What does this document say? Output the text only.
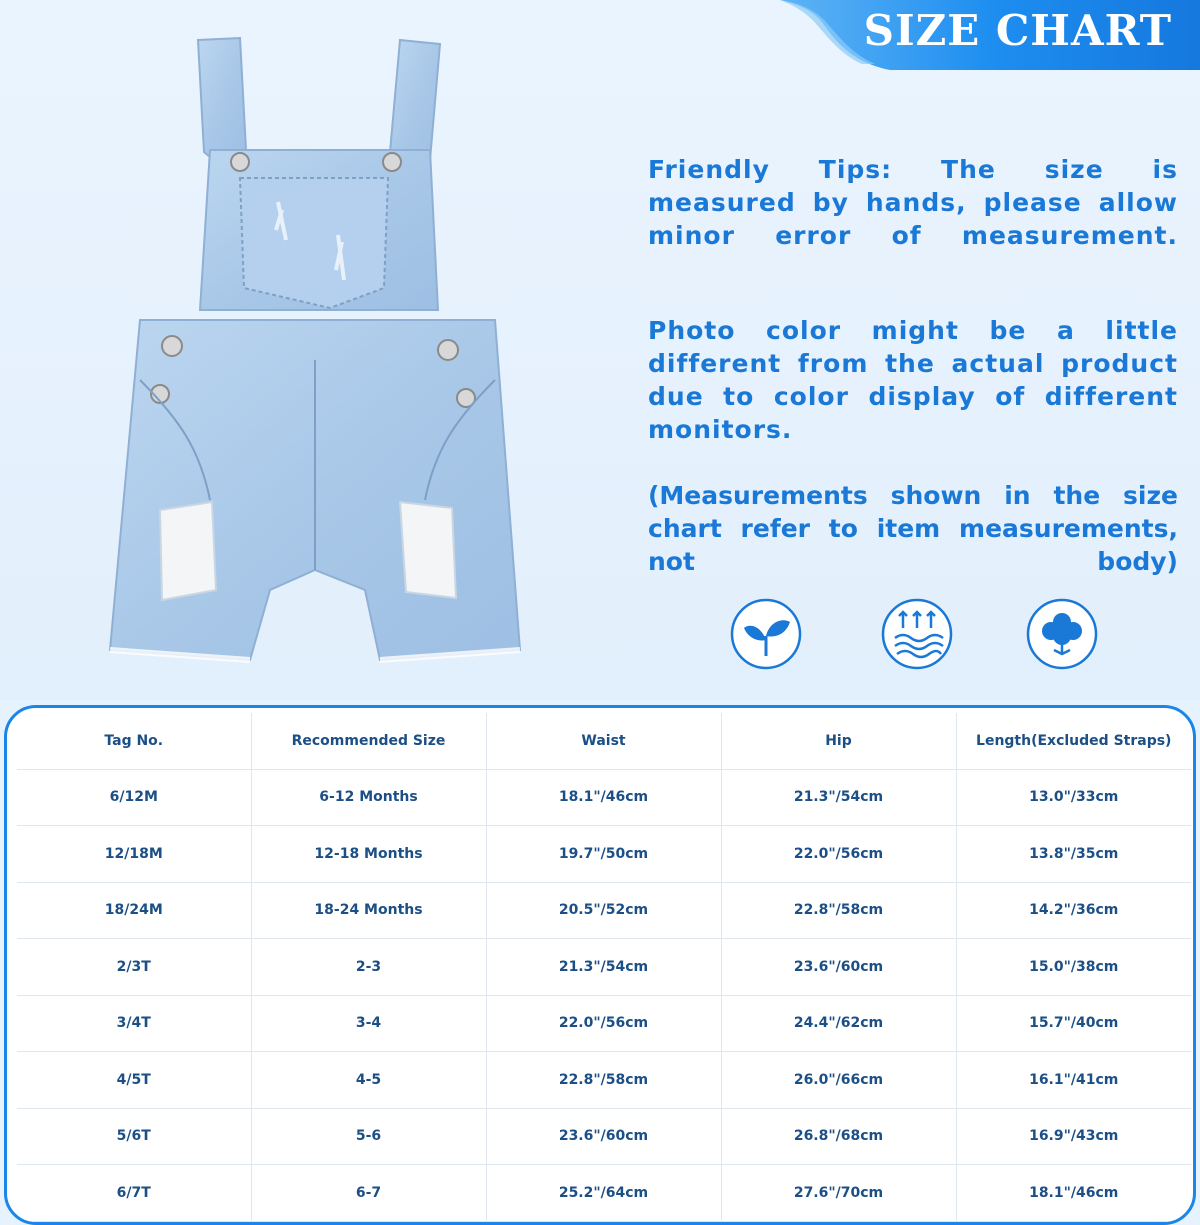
SIZE CHART
Friendly Tips: The size is measured by hands, please allow minor error of measurement.
Photo color might be a little different from the actual product due to color display of different monitors.
(Measurements shown in the size chart refer to item measurements, not body)
Tag No.	Recommended Size	Waist	Hip	Length(Excluded Straps)
6/12M	6-12 Months	18.1"/46cm	21.3"/54cm	13.0"/33cm
12/18M	12-18 Months	19.7"/50cm	22.0"/56cm	13.8"/35cm
18/24M	18-24 Months	20.5"/52cm	22.8"/58cm	14.2"/36cm
2/3T	2-3	21.3"/54cm	23.6"/60cm	15.0"/38cm
3/4T	3-4	22.0"/56cm	24.4"/62cm	15.7"/40cm
4/5T	4-5	22.8"/58cm	26.0"/66cm	16.1"/41cm
5/6T	5-6	23.6"/60cm	26.8"/68cm	16.9"/43cm
6/7T	6-7	25.2"/64cm	27.6"/70cm	18.1"/46cm
